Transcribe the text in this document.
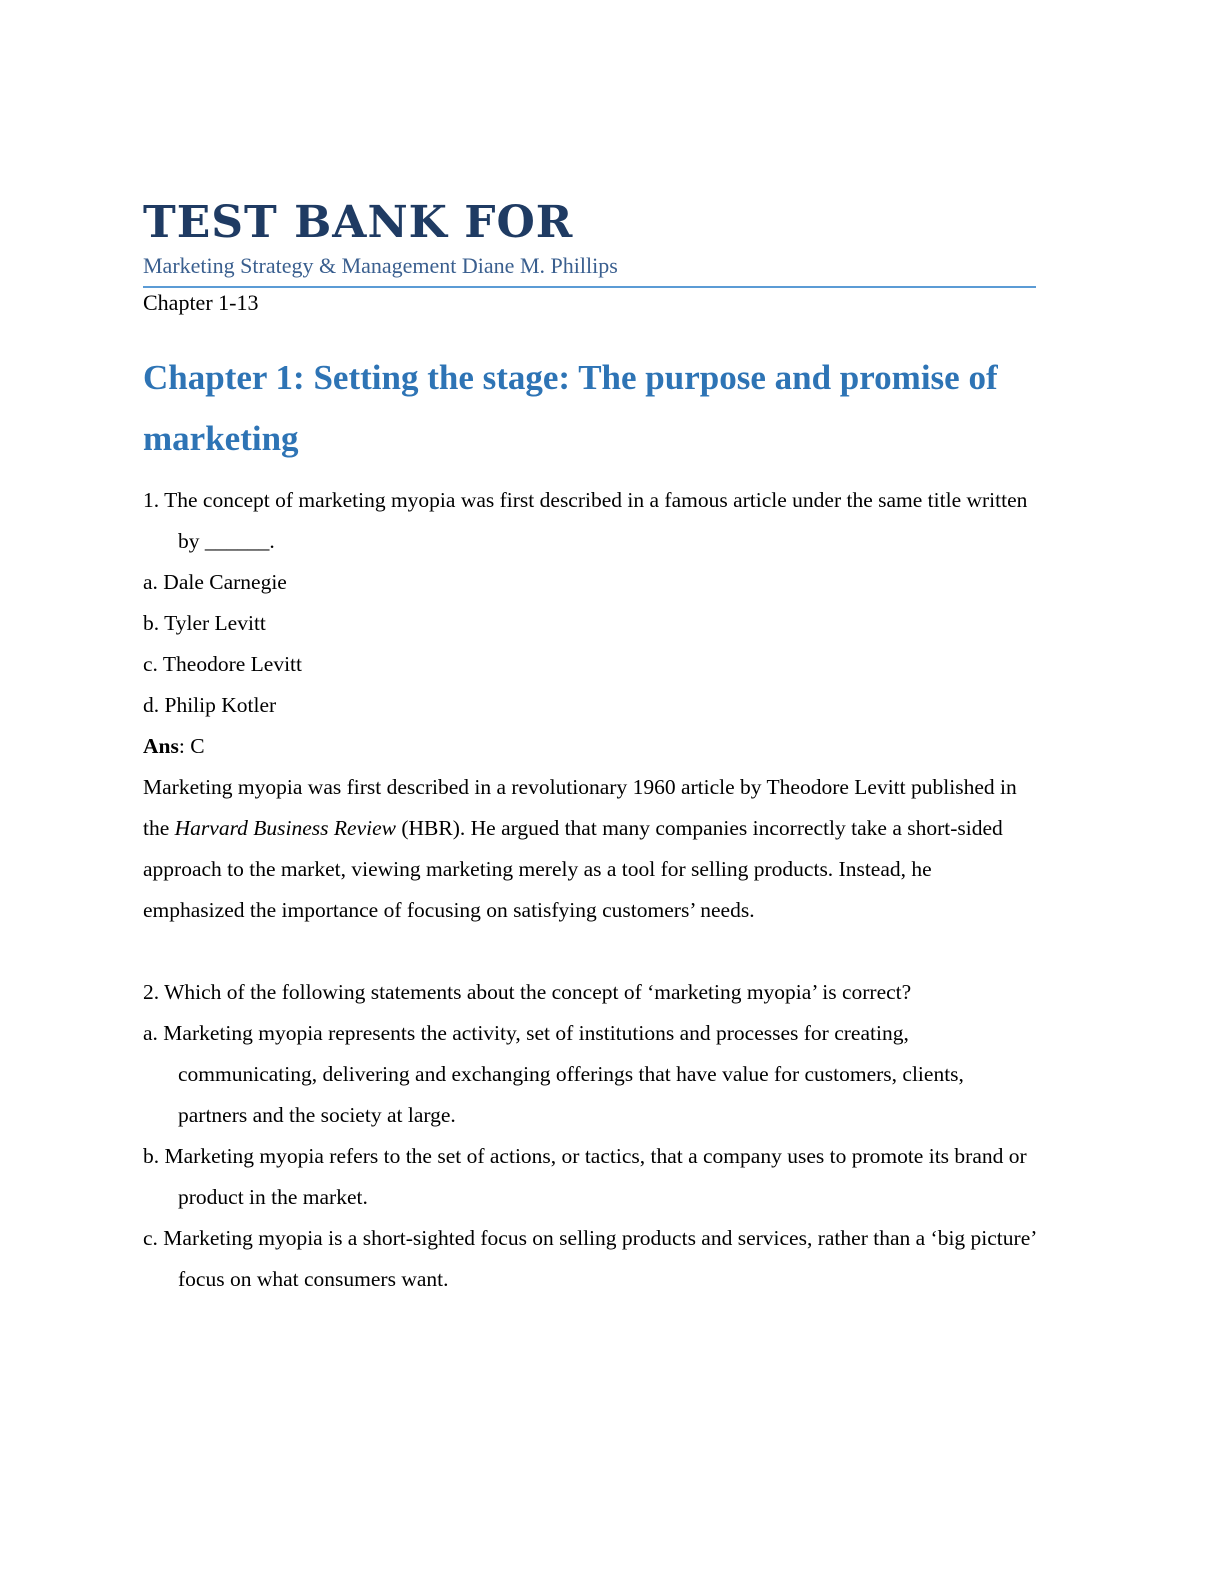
TEST BANK FOR
Marketing Strategy & Management Diane M. Phillips
Chapter 1-13
Chapter 1: Setting the stage: The purpose and promise of marketing

1. The concept of marketing myopia was first described in a famous article under the same title written by ______.

a. Dale Carnegie

b. Tyler Levitt

c. Theodore Levitt

d. Philip Kotler

Ans: C

Marketing myopia was first described in a revolutionary 1960 article by Theodore Levitt published in the Harvard Business Review (HBR). He argued that many companies incorrectly take a short-sided approach to the market, viewing marketing merely as a tool for selling products. Instead, he emphasized the importance of focusing on satisfying customers’ needs.

2. Which of the following statements about the concept of ‘marketing myopia’ is correct?

a. Marketing myopia represents the activity, set of institutions and processes for creating, communicating, delivering and exchanging offerings that have value for customers, clients, partners and the society at large.

b. Marketing myopia refers to the set of actions, or tactics, that a company uses to promote its brand or product in the market.

c. Marketing myopia is a short-sighted focus on selling products and services, rather than a ‘big picture’ focus on what consumers want.
